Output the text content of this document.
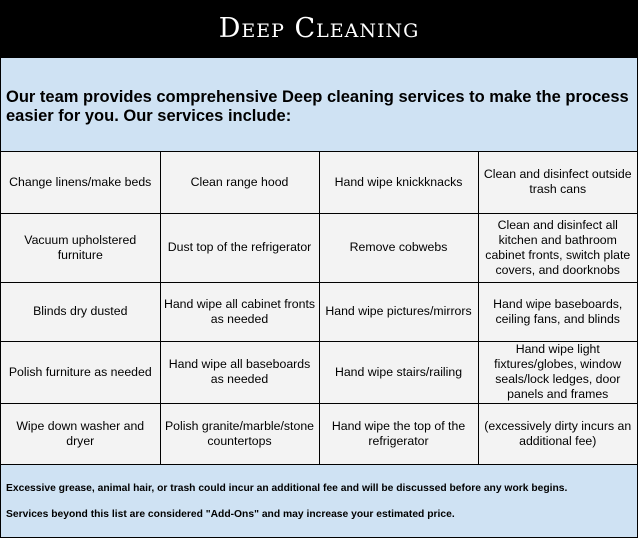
Deep Cleaning
Our team provides comprehensive Deep cleaning services to make the process easier for you. Our services include:
Change linens/make beds	Clean range hood	Hand wipe knickknacks	Clean and disinfect outside trash cans
Vacuum upholstered furniture	Dust top of the refrigerator	Remove cobwebs	Clean and disinfect all kitchen and bathroom cabinet fronts, switch plate covers, and doorknobs
Blinds dry dusted	Hand wipe all cabinet fronts as needed	Hand wipe pictures/mirrors	Hand wipe baseboards, ceiling fans, and blinds
Polish furniture as needed	Hand wipe all baseboards as needed	Hand wipe stairs/railing	Hand wipe light fixtures/globes, window seals/lock ledges, door panels and frames
Wipe down washer and dryer	Polish granite/marble/stone countertops	Hand wipe the top of the refrigerator	(excessively dirty incurs an additional fee)

Excessive grease, animal hair, or trash could incur an additional fee and will be discussed before any work begins.

Services beyond this list are considered "Add-Ons" and may increase your estimated price.
